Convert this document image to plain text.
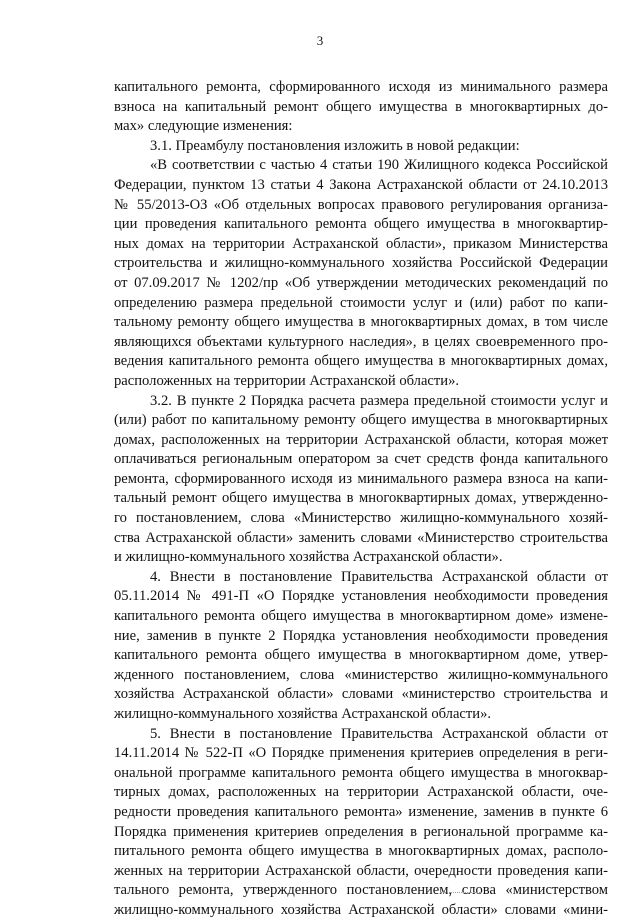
3
капитального ремонта, сформированного исходя из минимального размера
взноса на капитальный ремонт общего имущества в многоквартирных до-
мах» следующие изменения:
3.1. Преамбулу постановления изложить в новой редакции:
«В соответствии с частью 4 статьи 190 Жилищного кодекса Российской
Федерации, пунктом 13 статьи 4 Закона Астраханской области от 24.10.2013
№ 55/2013-ОЗ «Об отдельных вопросах правового регулирования организа-
ции проведения капитального ремонта общего имущества в многоквартир-
ных домах на территории Астраханской области», приказом Министерства
строительства и жилищно-коммунального хозяйства Российской Федерации
от 07.09.2017 № 1202/пр «Об утверждении методических рекомендаций по
определению размера предельной стоимости услуг и (или) работ по капи-
тальному ремонту общего имущества в многоквартирных домах, в том числе
являющихся объектами культурного наследия», в целях своевременного про-
ведения капитального ремонта общего имущества в многоквартирных домах,
расположенных на территории Астраханской области».
3.2. В пункте 2 Порядка расчета размера предельной стоимости услуг и
(или) работ по капитальному ремонту общего имущества в многоквартирных
домах, расположенных на территории Астраханской области, которая может
оплачиваться региональным оператором за счет средств фонда капитального
ремонта, сформированного исходя из минимального размера взноса на капи-
тальный ремонт общего имущества в многоквартирных домах, утвержденно-
го постановлением, слова «Министерство жилищно-коммунального хозяй-
ства Астраханской области» заменить словами «Министерство строительства
и жилищно-коммунального хозяйства Астраханской области».
4. Внести в постановление Правительства Астраханской области от
05.11.2014 № 491-П «О Порядке установления необходимости проведения
капитального ремонта общего имущества в многоквартирном доме» измене-
ние, заменив в пункте 2 Порядка установления необходимости проведения
капитального ремонта общего имущества в многоквартирном доме, утвер-
жденного постановлением, слова «министерство жилищно-коммунального
хозяйства Астраханской области» словами «министерство строительства и
жилищно-коммунального хозяйства Астраханской области».
5. Внести в постановление Правительства Астраханской области от
14.11.2014 № 522-П «О Порядке применения критериев определения в реги-
ональной программе капитального ремонта общего имущества в многоквар-
тирных домах, расположенных на территории Астраханской области, оче-
редности проведения капитального ремонта» изменение, заменив в пункте 6
Порядка применения критериев определения в региональной программе ка-
питального ремонта общего имущества в многоквартирных домах, располо-
женных на территории Астраханской области, очередности проведения капи-
тального ремонта, утвержденного постановлением, слова «министерством
жилищно-коммунального хозяйства Астраханской области» словами «мини-
